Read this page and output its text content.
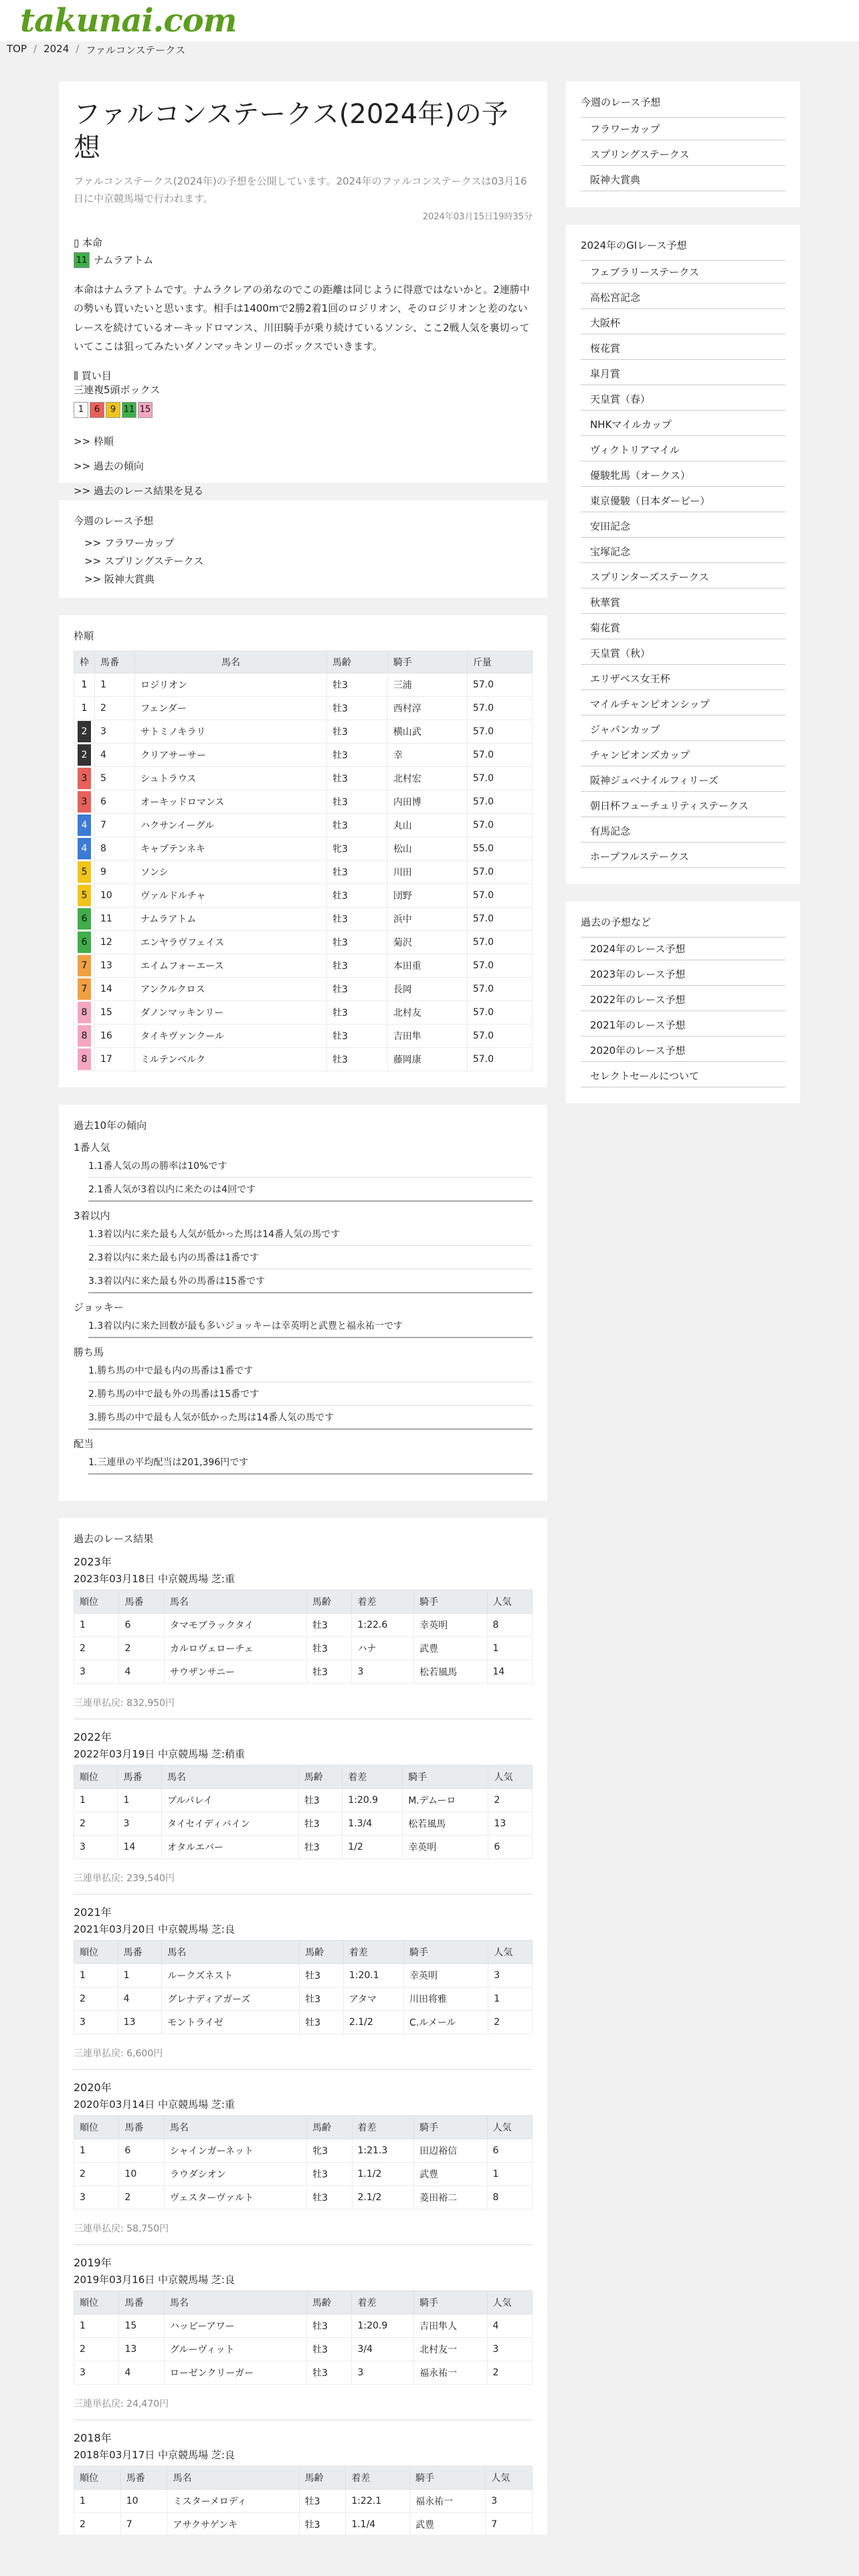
takunai.com
TOP / 2024 / ファルコンステークス
ファルコンステークス(2024年)の予想

ファルコンステークス(2024年)の予想を公開しています。2024年のファルコンステークスは03月16日に中京競馬場で行われます。

2024年03月15日19時35分
▯ 本命
11 ナムラアトム

本命はナムラアトムです。ナムラクレアの弟なのでこの距離は同じように得意ではないかと。2連勝中の勢いも買いたいと思います。相手は1400mで2勝2着1回のロジリオン、そのロジリオンと差のないレースを続けているオーキッドロマンス、川田騎手が乗り続けているソンシ、ここ2戦人気を裏切っていてここは狙ってみたいダノンマッキンリーのボックスでいきます。

⫼ 買い目
三連複5頭ボックス
1	6	9 11 15
>> 枠順
>> 過去の傾向
>> 過去のレース結果を見る
今週のレース予想
>> フラワーカップ
>> スプリングステークス
>> 阪神大賞典
枠順
枠	馬番	馬名	馬齢	騎手	斤量
1	1	ロジリオン	牡3	三浦	57.0
1	2	フェンダー	牡3	西村淳	57.0
2	3	サトミノキラリ	牡3	横山武	57.0
2	4	クリアサーサー	牡3	幸	57.0
3	5	シュトラウス	牡3	北村宏	57.0
3	6	オーキッドロマンス	牡3	内田博	57.0
4	7	ハクサンイーグル	牡3	丸山	57.0
4	8	キャプテンネキ	牝3	松山	55.0
5	9	ソンシ	牡3	川田	57.0
5	10	ヴァルドルチャ	牡3	団野	57.0
6	11	ナムラアトム	牡3	浜中	57.0
6	12	エンヤラヴフェイス	牡3	菊沢	57.0
7	13	エイムフォーエース	牡3	本田重	57.0
7	14	アンクルクロス	牡3	長岡	57.0
8	15	ダノンマッキンリー	牡3	北村友	57.0
8	16	タイキヴァンクール	牡3	吉田隼	57.0
8	17	ミルテンベルク	牡3	藤岡康	57.0
過去10年の傾向
1番人気
1.1番人気の馬の勝率は10%です
2.1番人気が3着以内に来たのは4回です
3着以内
1.3着以内に来た最も人気が低かった馬は14番人気の馬です
2.3着以内に来た最も内の馬番は1番です
3.3着以内に来た最も外の馬番は15番です
ジョッキー
1.3着以内に来た回数が最も多いジョッキーは幸英明と武豊と福永祐一です
勝ち馬
1.勝ち馬の中で最も内の馬番は1番です
2.勝ち馬の中で最も外の馬番は15番です
3.勝ち馬の中で最も人気が低かった馬は14番人気の馬です
配当
1.三連単の平均配当は201,396円です
過去のレース結果
2023年
2023年03月18日 中京競馬場 芝:重
順位	馬番	馬名	馬齢	着差	騎手	人気
1	6	タマモブラックタイ	牡3	1:22.6	幸英明	8
2	2	カルロヴェローチェ	牡3	ハナ	武豊	1
3	4	サウザンサニー	牡3	3	松若風馬	14
三連単払戻: 832,950円
2022年
2022年03月19日 中京競馬場 芝:稍重
順位	馬番	馬名	馬齢	着差	騎手	人気
1	1	プルパレイ	牡3	1:20.9	M.デムーロ	2
2	3	タイセイディバイン	牡3	1.3/4	松若風馬	13
3	14	オタルエバー	牡3	1/2	幸英明	6
三連単払戻: 239,540円
2021年
2021年03月20日 中京競馬場 芝:良
順位	馬番	馬名	馬齢	着差	騎手	人気
1	1	ルークズネスト	牡3	1:20.1	幸英明	3
2	4	グレナディアガーズ	牡3	アタマ	川田将雅	1
3	13	モントライゼ	牡3	2.1/2	C.ルメール	2
三連単払戻: 6,600円
2020年
2020年03月14日 中京競馬場 芝:重
順位	馬番	馬名	馬齢	着差	騎手	人気
1	6	シャインガーネット	牝3	1:21.3	田辺裕信	6
2	10	ラウダシオン	牡3	1.1/2	武豊	1
3	2	ヴェスターヴァルト	牡3	2.1/2	菱田裕二	8
三連単払戻: 58,750円
2019年
2019年03月16日 中京競馬場 芝:良
順位	馬番	馬名	馬齢	着差	騎手	人気
1	15	ハッピーアワー	牡3	1:20.9	吉田隼人	4
2	13	グルーヴィット	牡3	3/4	北村友一	3
3	4	ローゼンクリーガー	牡3	3	福永祐一	2
三連単払戻: 24,470円
2018年
2018年03月17日 中京競馬場 芝:良
順位	馬番	馬名	馬齢	着差	騎手	人気
1	10	ミスターメロディ	牡3	1:22.1	福永祐一	3
2	7	アサクサゲンキ	牡3	1.1/4	武豊	7
今週のレース予想
フラワーカップ
スプリングステークス
阪神大賞典
2024年のGⅠレース予想
フェブラリーステークス
高松宮記念
大阪杯
桜花賞
皐月賞
天皇賞（春）
NHKマイルカップ
ヴィクトリアマイル
優駿牝馬（オークス）
東京優駿（日本ダービー）
安田記念
宝塚記念
スプリンターズステークス
秋華賞
菊花賞
天皇賞（秋）
エリザベス女王杯
マイルチャンピオンシップ
ジャパンカップ
チャンピオンズカップ
阪神ジュベナイルフィリーズ
朝日杯フューチュリティステークス
有馬記念
ホープフルステークス
過去の予想など
2024年のレース予想
2023年のレース予想
2022年のレース予想
2021年のレース予想
2020年のレース予想
セレクトセールについて
